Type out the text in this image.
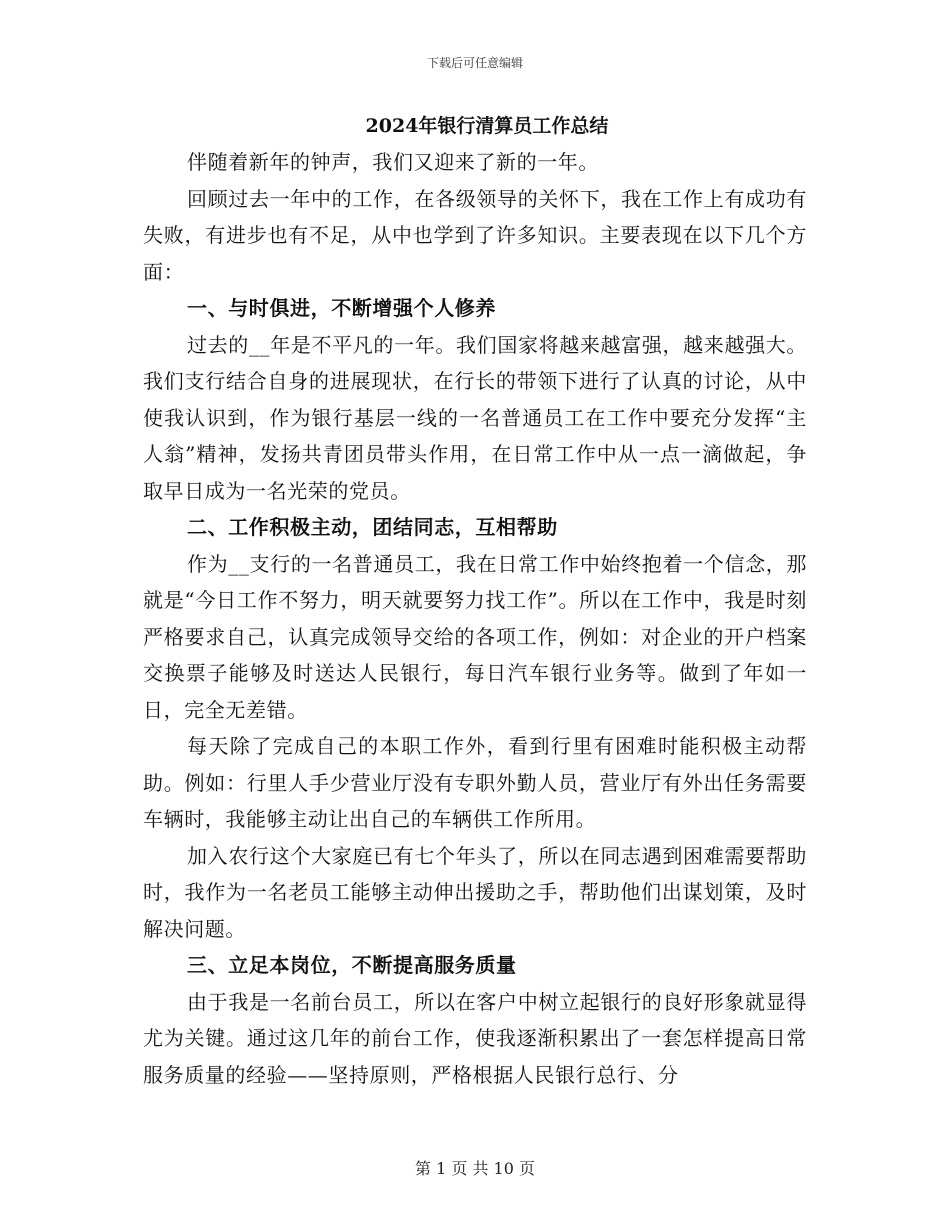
下载后可任意编辑
2024年银行清算员工作总结

伴随着新年的钟声，我们又迎来了新的一年。

回顾过去一年中的工作，在各级领导的关怀下，我在工作上有成功有失败，有进步也有不足，从中也学到了许多知识。主要表现在以下几个方面：

一、与时俱进，不断增强个人修养

过去的__年是不平凡的一年。我们国家将越来越富强，越来越强大。我们支行结合自身的进展现状，在行长的带领下进行了认真的讨论，从中使我认识到，作为银行基层一线的一名普通员工在工作中要充分发挥“主人翁”精神，发扬共青团员带头作用，在日常工作中从一点一滴做起，争取早日成为一名光荣的党员。

二、工作积极主动，团结同志，互相帮助

作为__支行的一名普通员工，我在日常工作中始终抱着一个信念，那就是“今日工作不努力，明天就要努力找工作”。所以在工作中，我是时刻严格要求自己，认真完成领导交给的各项工作，例如：对企业的开户档案交换票子能够及时送达人民银行，每日汽车银行业务等。做到了年如一日，完全无差错。

每天除了完成自己的本职工作外，看到行里有困难时能积极主动帮助。例如：行里人手少营业厅没有专职外勤人员，营业厅有外出任务需要车辆时，我能够主动让出自己的车辆供工作所用。

加入农行这个大家庭已有七个年头了，所以在同志遇到困难需要帮助时，我作为一名老员工能够主动伸出援助之手，帮助他们出谋划策，及时解决问题。

三、立足本岗位，不断提高服务质量

由于我是一名前台员工，所以在客户中树立起银行的良好形象就显得尤为关键。通过这几年的前台工作，使我逐渐积累出了一套怎样提高日常服务质量的经验——坚持原则，严格根据人民银行总行、分

第 1 页 共 10 页
